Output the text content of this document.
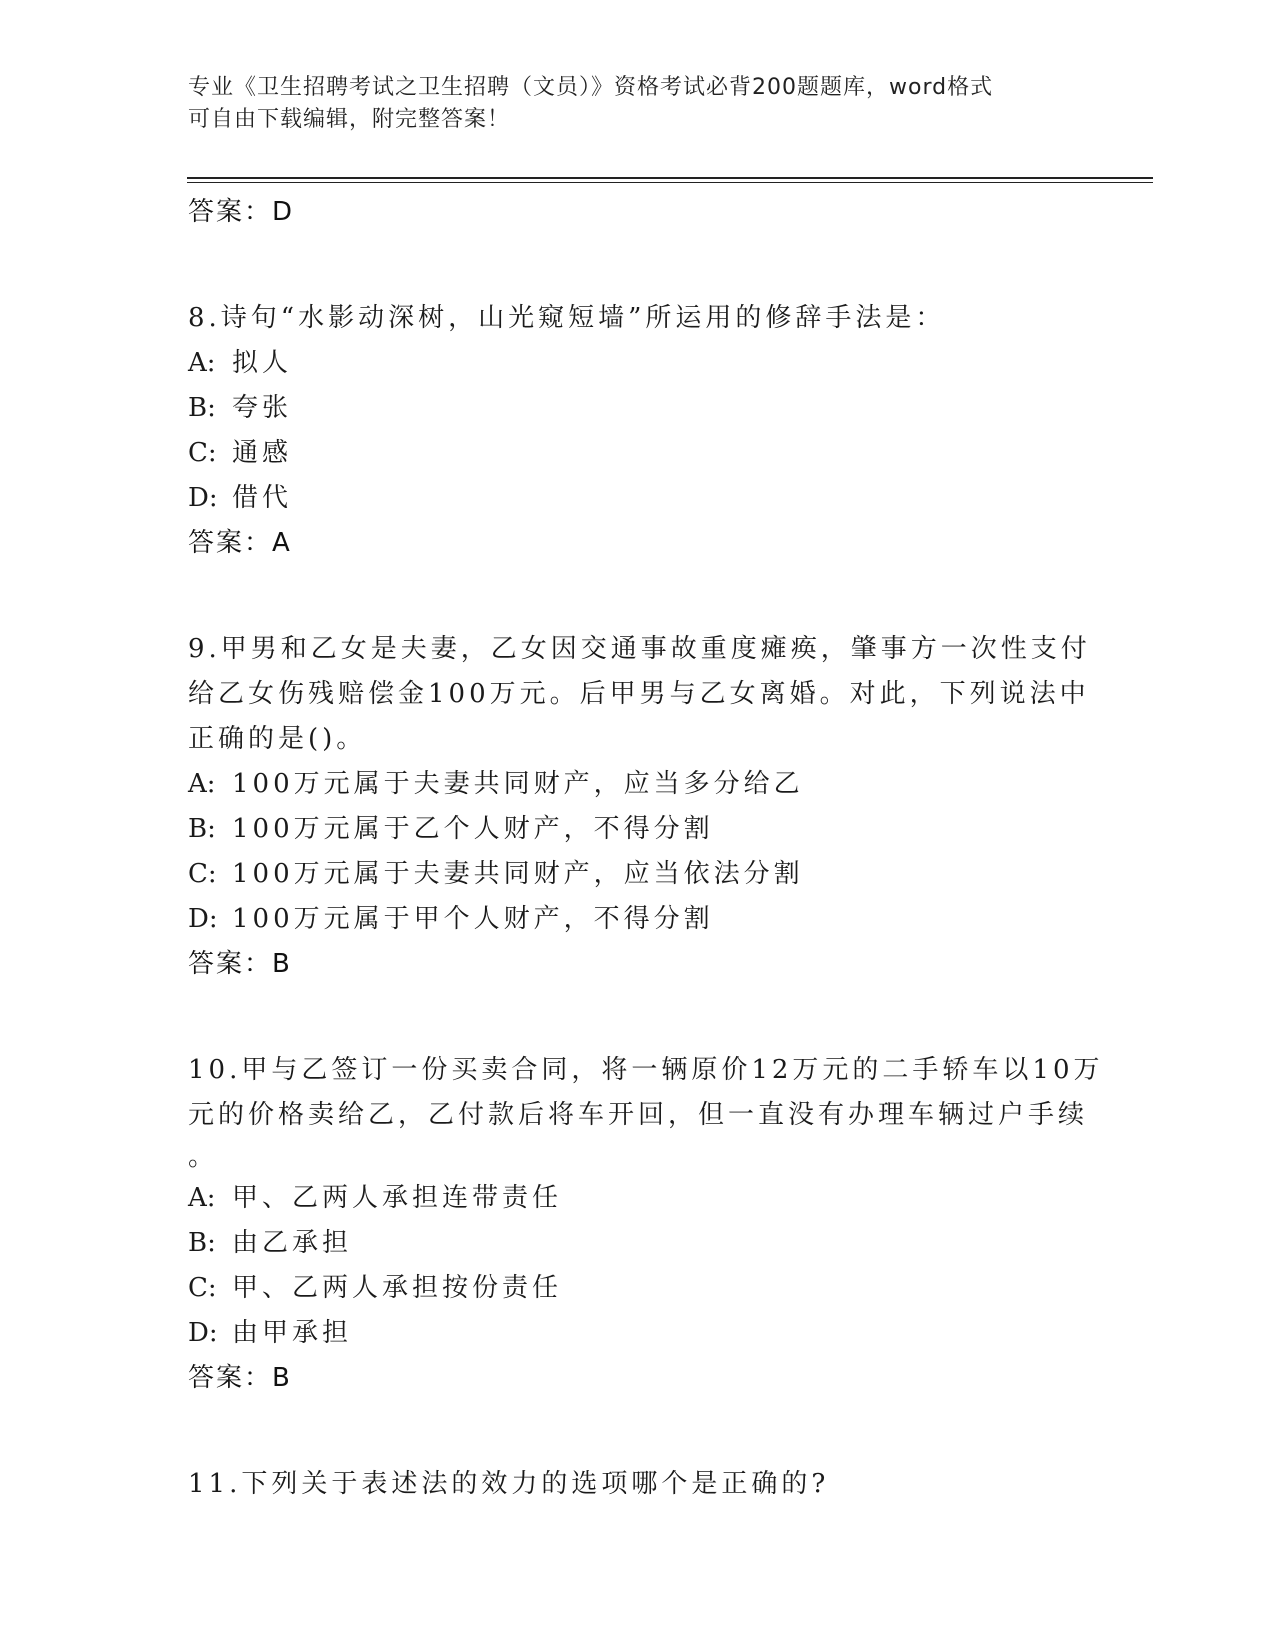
专业《卫生招聘考试之卫生招聘（文员）》资格考试必背200题题库，word格式
可自由下载编辑，附完整答案！
答案：D
8.诗句“水影动深树，山光窥短墙”所运用的修辞手法是：
A: 拟人
B: 夸张
C: 通感
D: 借代
答案：A
9.甲男和乙女是夫妻，乙女因交通事故重度瘫痪，肇事方一次性支付
给乙女伤残赔偿金100万元。后甲男与乙女离婚。对此，下列说法中
正确的是()。
A: 100万元属于夫妻共同财产，应当多分给乙
B: 100万元属于乙个人财产，不得分割
C: 100万元属于夫妻共同财产，应当依法分割
D: 100万元属于甲个人财产，不得分割
答案：B
10.甲与乙签订一份买卖合同，将一辆原价12万元的二手轿车以10万
元的价格卖给乙，乙付款后将车开回，但一直没有办理车辆过户手续
。
A: 甲、乙两人承担连带责任
B: 由乙承担
C: 甲、乙两人承担按份责任
D: 由甲承担
答案：B
11.下列关于表述法的效力的选项哪个是正确的?
